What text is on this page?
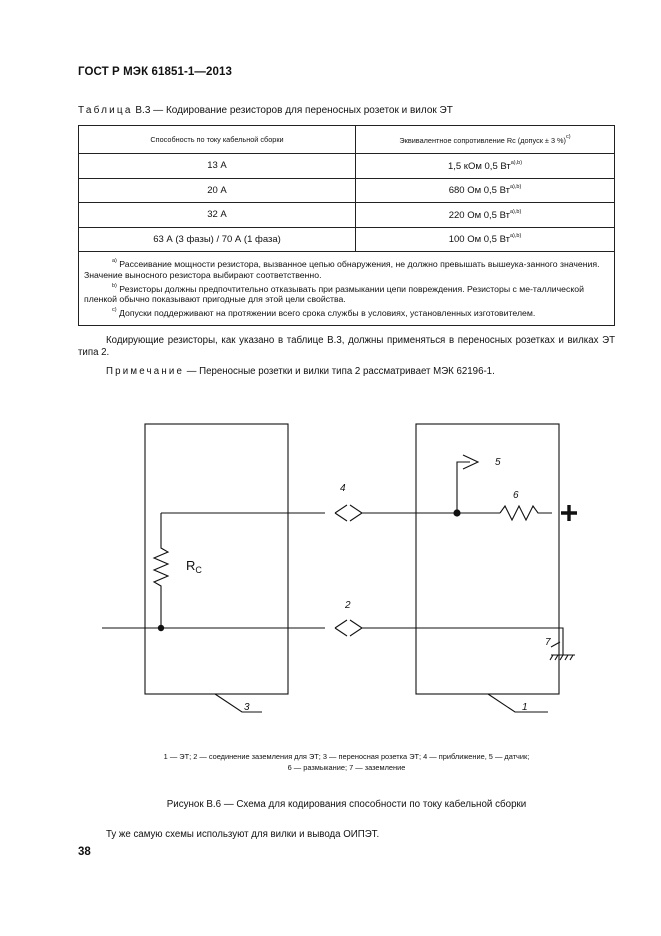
ГОСТ Р МЭК 61851-1—2013
Таблица В.3 — Кодирование резисторов для переносных розеток и вилок ЭТ
Способность по току кабельной сборки	Эквивалентное сопротивление Rc (допуск ± 3 %)$^{c)}$
13 А	1,5 кОм 0,5 $Вт^{a),b)}$
20 А	680 Ом 0,5 $Вт^{a),b)}$
32 А	220 Ом 0,5 $Вт^{a),b)}$
63 А (3 фазы) / 70 А (1 фаза)	100 Ом 0,5 $Вт^{a),b)}$

$^{a)}$ Рассеивание мощности резистора, вызванное цепью обнаружения, не должно превышать вышеука-занного значения. Значение выносного резистора выбирают соответственно.

$^{b)}$ Резисторы должны предпочтительно отказывать при размыкании цепи повреждения. Резисторы с ме-таллической пленкой обычно показывают пригодные для этой цели свойства.

$^{c)}$ Допуски поддерживают на протяжении всего срока службы в условиях, установленных изготовителем.	

Кодирующие резисторы, как указано в таблице В.3, должны применяться в переносных розетках и вилках ЭТ типа 2.

Примечание — Переносные розетки и вилки типа 2 рассматривает МЭК 62196-1.

$R_C$
4
2
5
6
7
3	1
1 — ЭТ; 2 — соединение заземления для ЭТ; 3 — переносная розетка ЭТ; 4 — приближение, 5 — датчик;
6 — размыкание; 7 — заземление
Рисунок В.6 — Схема для кодирования способности по току кабельной сборки
Ту же самую схемы используют для вилки и вывода ОИПЭТ.
38
